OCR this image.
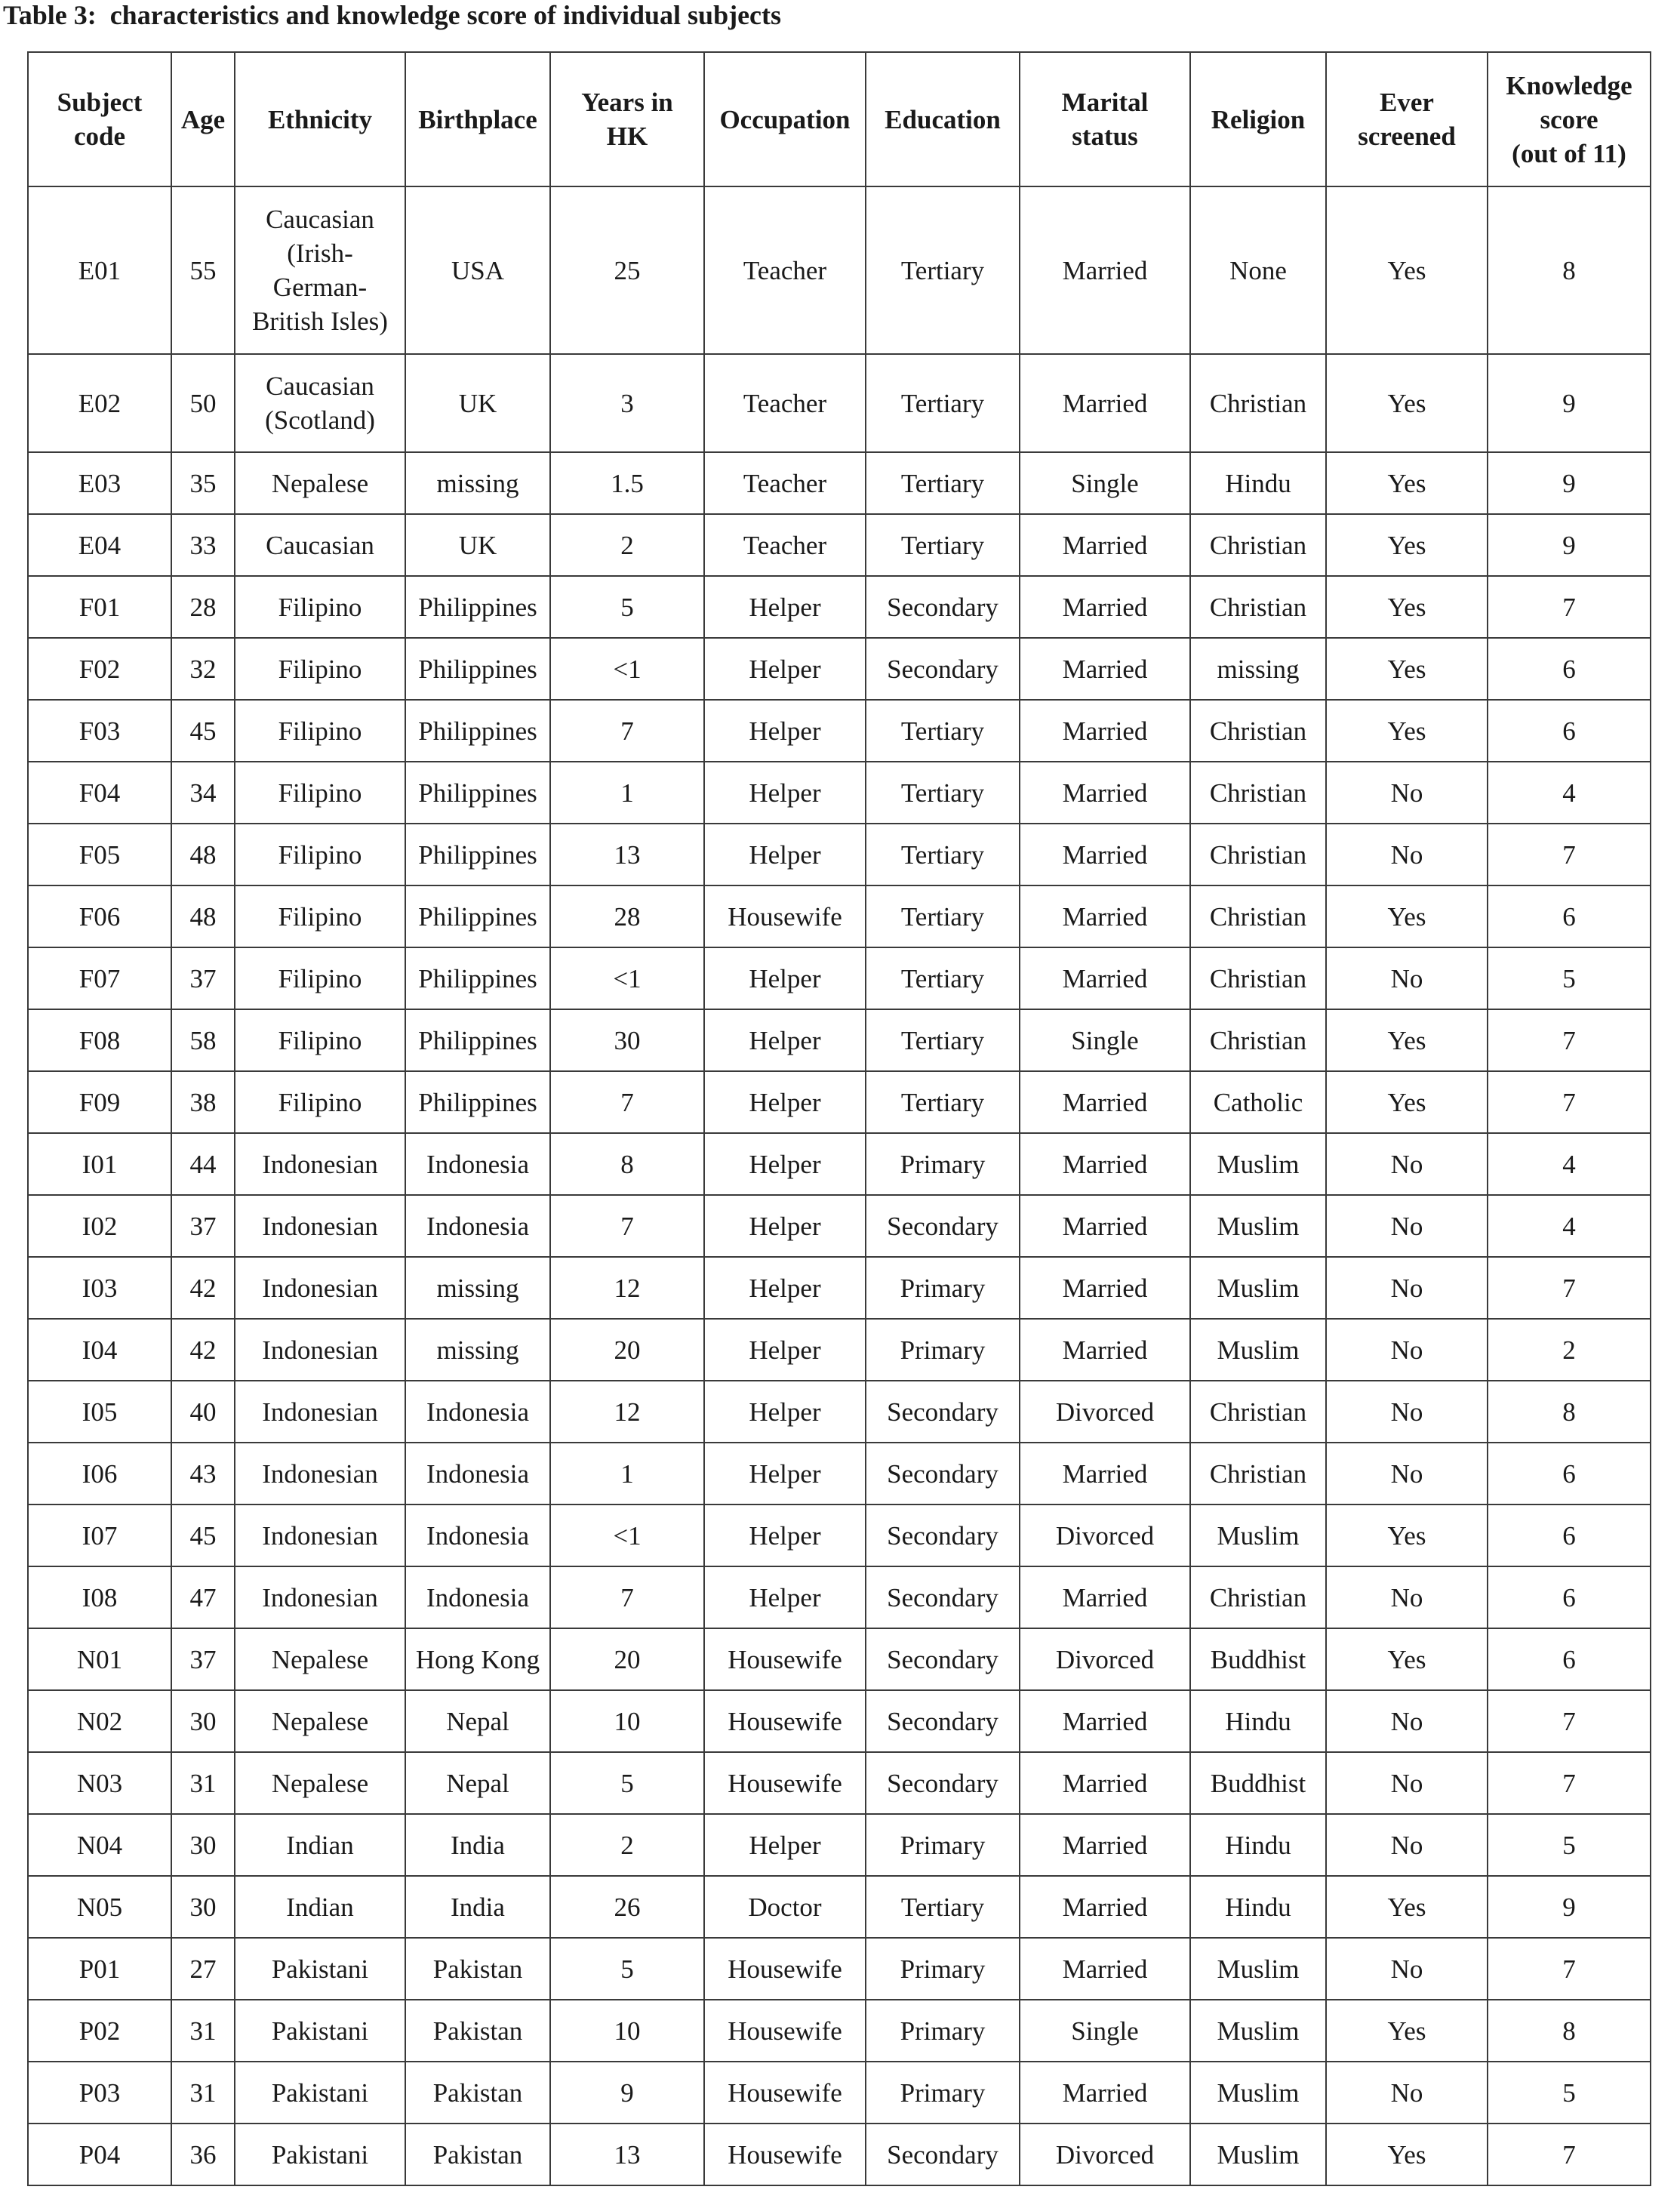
Table 3:  characteristics and knowledge score of individual subjects
Subject
code	Age	Ethnicity	Birthplace	Years in
HK	Occupation	Education	Marital
status	Religion	Ever
screened	Knowledge
score
(out of 11)
E01	55	Caucasian
(Irish-
German-
British Isles)	USA	25	Teacher	Tertiary	Married	None	Yes	8
E02	50	Caucasian
(Scotland)	UK	3	Teacher	Tertiary	Married	Christian	Yes	9
E03	35	Nepalese	missing	1.5	Teacher	Tertiary	Single	Hindu	Yes	9
E04	33	Caucasian	UK	2	Teacher	Tertiary	Married	Christian	Yes	9
F01	28	Filipino	Philippines	5	Helper	Secondary	Married	Christian	Yes	7
F02	32	Filipino	Philippines	<1	Helper	Secondary	Married	missing	Yes	6
F03	45	Filipino	Philippines	7	Helper	Tertiary	Married	Christian	Yes	6
F04	34	Filipino	Philippines	1	Helper	Tertiary	Married	Christian	No	4
F05	48	Filipino	Philippines	13	Helper	Tertiary	Married	Christian	No	7
F06	48	Filipino	Philippines	28	Housewife	Tertiary	Married	Christian	Yes	6
F07	37	Filipino	Philippines	<1	Helper	Tertiary	Married	Christian	No	5
F08	58	Filipino	Philippines	30	Helper	Tertiary	Single	Christian	Yes	7
F09	38	Filipino	Philippines	7	Helper	Tertiary	Married	Catholic	Yes	7
I01	44	Indonesian	Indonesia	8	Helper	Primary	Married	Muslim	No	4
I02	37	Indonesian	Indonesia	7	Helper	Secondary	Married	Muslim	No	4
I03	42	Indonesian	missing	12	Helper	Primary	Married	Muslim	No	7
I04	42	Indonesian	missing	20	Helper	Primary	Married	Muslim	No	2
I05	40	Indonesian	Indonesia	12	Helper	Secondary	Divorced	Christian	No	8
I06	43	Indonesian	Indonesia	1	Helper	Secondary	Married	Christian	No	6
I07	45	Indonesian	Indonesia	<1	Helper	Secondary	Divorced	Muslim	Yes	6
I08	47	Indonesian	Indonesia	7	Helper	Secondary	Married	Christian	No	6
N01	37	Nepalese	Hong Kong	20	Housewife	Secondary	Divorced	Buddhist	Yes	6
N02	30	Nepalese	Nepal	10	Housewife	Secondary	Married	Hindu	No	7
N03	31	Nepalese	Nepal	5	Housewife	Secondary	Married	Buddhist	No	7
N04	30	Indian	India	2	Helper	Primary	Married	Hindu	No	5
N05	30	Indian	India	26	Doctor	Tertiary	Married	Hindu	Yes	9
P01	27	Pakistani	Pakistan	5	Housewife	Primary	Married	Muslim	No	7
P02	31	Pakistani	Pakistan	10	Housewife	Primary	Single	Muslim	Yes	8
P03	31	Pakistani	Pakistan	9	Housewife	Primary	Married	Muslim	No	5
P04	36	Pakistani	Pakistan	13	Housewife	Secondary	Divorced	Muslim	Yes	7
